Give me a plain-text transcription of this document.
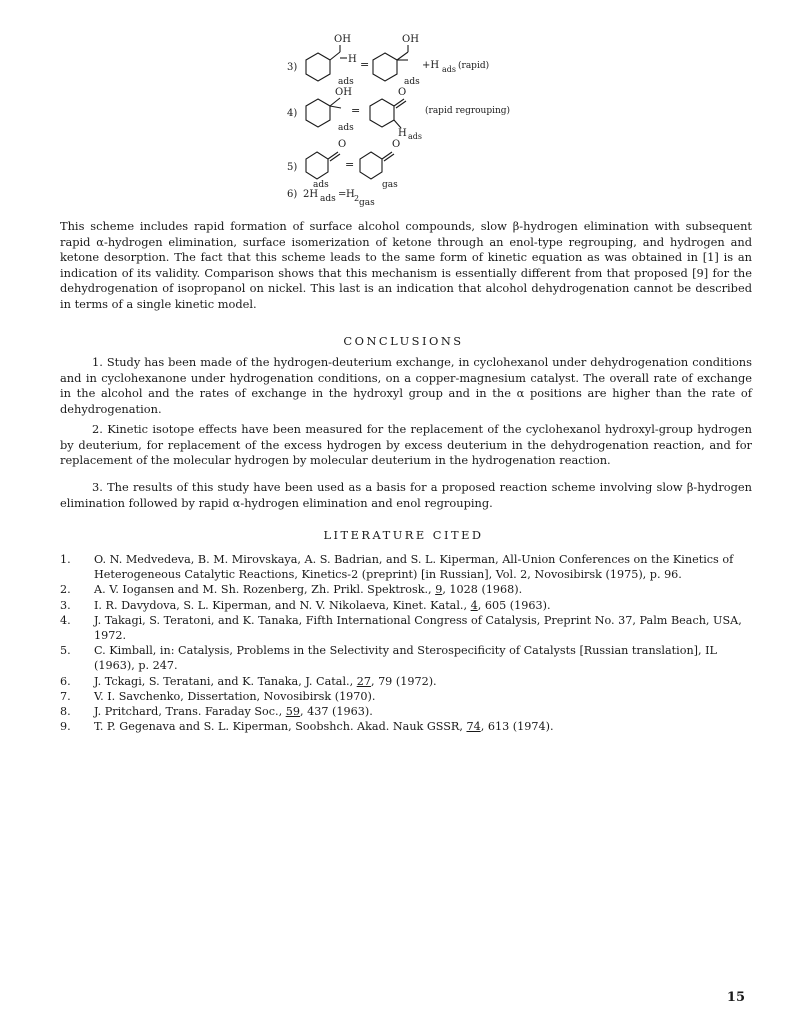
3)
OH
H
ads
=
OH
ads
+H ads (rapid)
4)
OH
ads
=
O
H ads
(rapid regrouping)
5)
O
ads
=
O
gas
6) 2H ads = H 2 gas

This scheme includes rapid formation of surface alcohol compounds, slow β-hydrogen elimination with subsequent rapid α-hydrogen elimination, surface isomerization of ketone through an enol-type regrouping, and hydrogen and ketone desorption. The fact that this scheme leads to the same form of kinetic equation as was obtained in [1] is an indication of its validity. Comparison shows that this mechanism is essentially different from that proposed [9] for the dehydrogenation of isopropanol on nickel. This last is an indication that alcohol dehydrogenation cannot be described in terms of a single kinetic model.

CONCLUSIONS

1. Study has been made of the hydrogen-deuterium exchange, in cyclohexanol under dehydrogenation conditions and in cyclohexanone under hydrogenation conditions, on a copper-magnesium catalyst. The overall rate of exchange in the alcohol and the rates of exchange in the hydroxyl group and in the α positions are higher than the rate of dehydrogenation.

2. Kinetic isotope effects have been measured for the replacement of the cyclohexanol hydroxyl-group hydrogen by deuterium, for replacement of the excess hydrogen by excess deuterium in the dehydrogenation reaction, and for replacement of the molecular hydrogen by molecular deuterium in the hydrogenation reaction.

3. The results of this study have been used as a basis for a proposed reaction scheme involving slow β-hydrogen elimination followed by rapid α-hydrogen elimination and enol regrouping.

LITERATURE CITED

1.	O. N. Medvedeva, B. M. Mirovskaya, A. S. Badrian, and S. L. Kiperman, All-Union Conferences on the Kinetics of Heterogeneous Catalytic Reactions, Kinetics-2 (preprint) [in Russian], Vol. 2, Novosibirsk (1975), p. 96.
2.	A. V. Iogansen and M. Sh. Rozenberg, Zh. Prikl. Spektrosk., 9, 1028 (1968).
3.	I. R. Davydova, S. L. Kiperman, and N. V. Nikolaeva, Kinet. Katal., 4, 605 (1963).
4.	J. Takagi, S. Teratoni, and K. Tanaka, Fifth International Congress of Catalysis, Preprint No. 37, Palm Beach, USA, 1972.
5.	C. Kimball, in: Catalysis, Problems in the Selectivity and Sterospecificity of Catalysts [Russian translation], IL (1963), p. 247.
6.	J. Tckagi, S. Teratani, and K. Tanaka, J. Catal., 27, 79 (1972).
7.	V. I. Savchenko, Dissertation, Novosibirsk (1970).
8.	J. Pritchard, Trans. Faraday Soc., 59, 437 (1963).
9.	T. P. Gegenava and S. L. Kiperman, Soobshch. Akad. Nauk GSSR, 74, 613 (1974).

15
